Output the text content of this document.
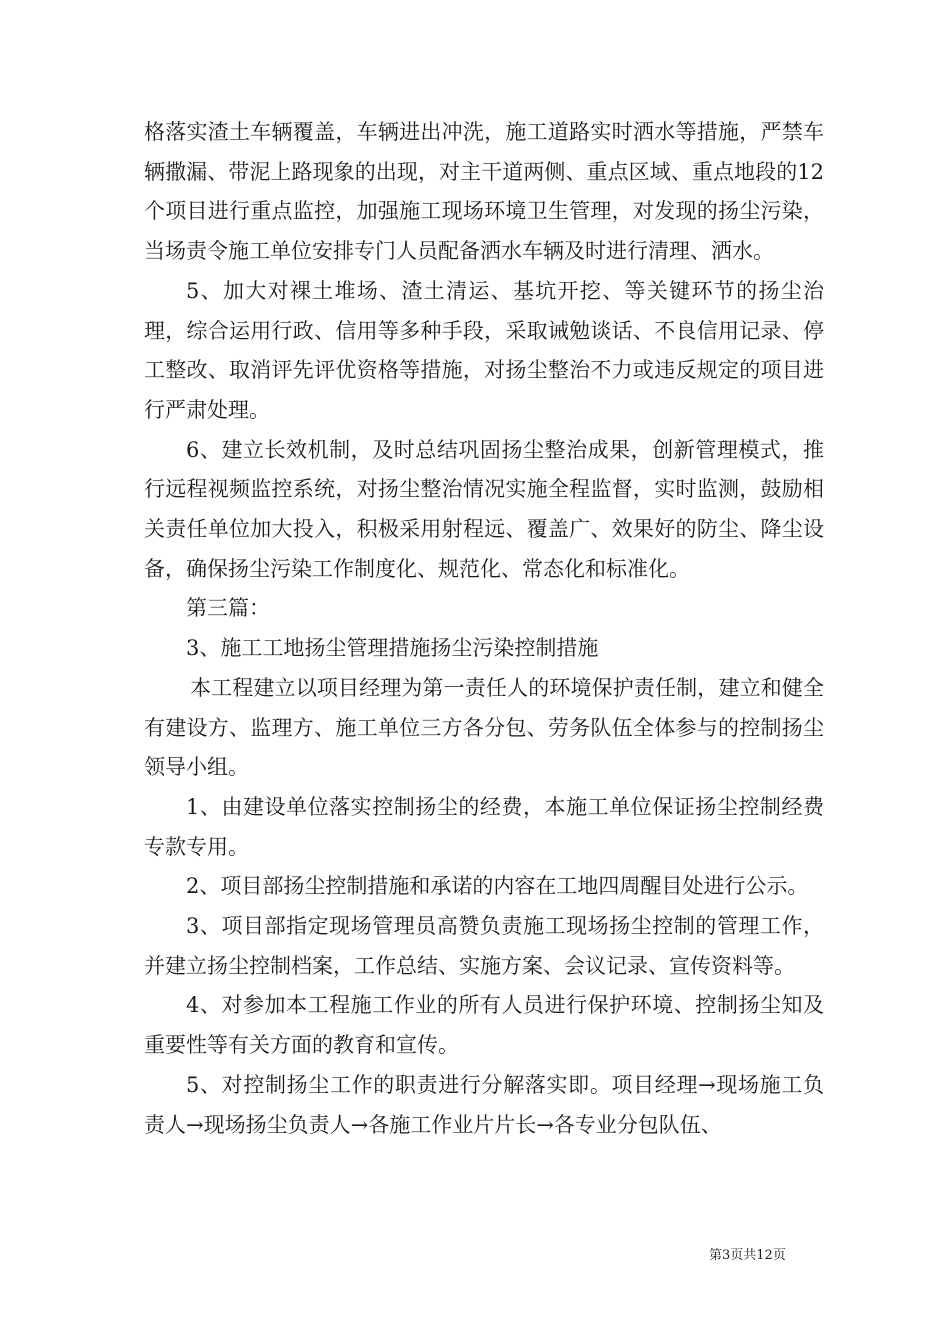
格落实渣土车辆覆盖，车辆进出冲洗，施工道路实时洒水等措施，严禁车辆撒漏、带泥上路现象的出现，对主干道两侧、重点区域、重点地段的12个项目进行重点监控，加强施工现场环境卫生管理，对发现的扬尘污染，当场责令施工单位安排专门人员配备洒水车辆及时进行清理、洒水。

5、加大对裸土堆场、渣土清运、基坑开挖、等关键环节的扬尘治理，综合运用行政、信用等多种手段，采取诫勉谈话、不良信用记录、停工整改、取消评先评优资格等措施，对扬尘整治不力或违反规定的项目进行严肃处理。

6、建立长效机制，及时总结巩固扬尘整治成果，创新管理模式，推行远程视频监控系统，对扬尘整治情况实施全程监督，实时监测，鼓励相关责任单位加大投入，积极采用射程远、覆盖广、效果好的防尘、降尘设备，确保扬尘污染工作制度化、规范化、常态化和标准化。

第三篇：

3、施工工地扬尘管理措施扬尘污染控制措施

本工程建立以项目经理为第一责任人的环境保护责任制，建立和健全有建设方、监理方、施工单位三方各分包、劳务队伍全体参与的控制扬尘领导小组。

1、由建设单位落实控制扬尘的经费，本施工单位保证扬尘控制经费专款专用。

2、项目部扬尘控制措施和承诺的内容在工地四周醒目处进行公示。

3、项目部指定现场管理员高赞负责施工现场扬尘控制的管理工作，并建立扬尘控制档案，工作总结、实施方案、会议记录、宣传资料等。

4、对参加本工程施工作业的所有人员进行保护环境、控制扬尘知及重要性等有关方面的教育和宣传。

5、对控制扬尘工作的职责进行分解落实即。项目经理→现场施工负责人→现场扬尘负责人→各施工作业片片长→各专业分包队伍、

第3页共12页
